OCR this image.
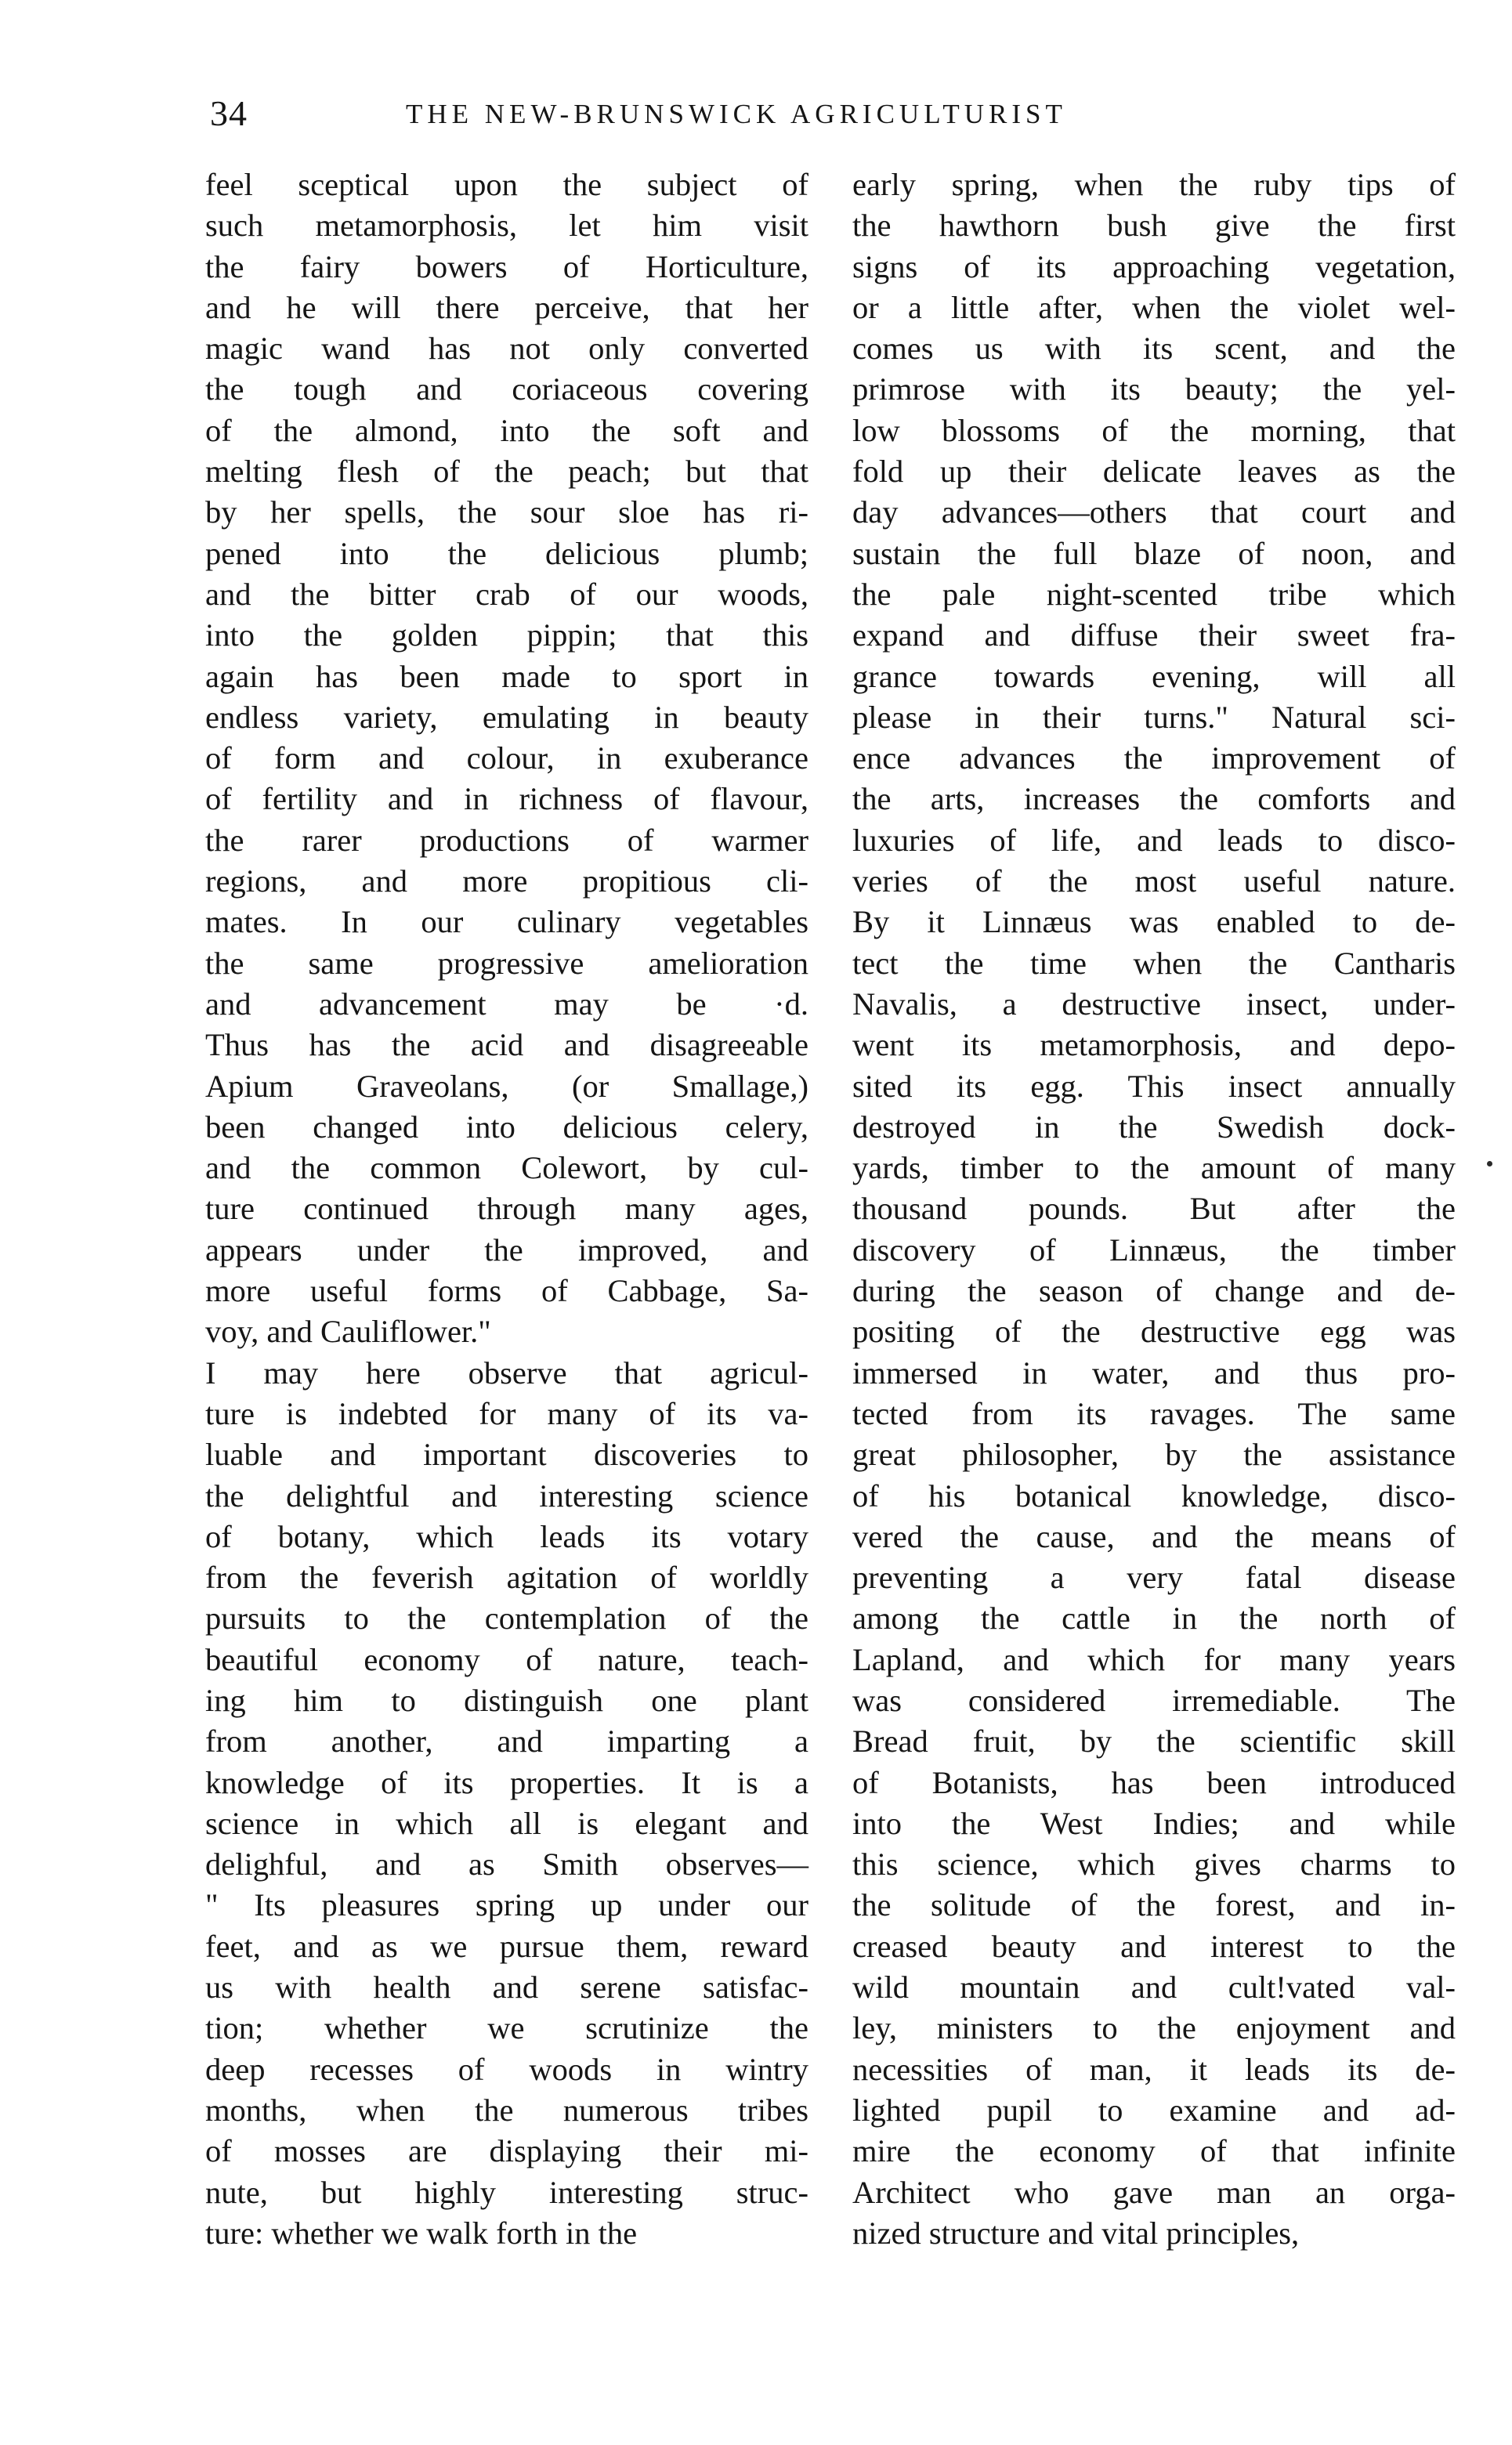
34	THE NEW-BRUNSWICK AGRICULTURIST
feel sceptical upon the subject of
such metamorphosis, let him visit
the fairy bowers of Horticulture,
and he will there perceive, that her
magic wand has not only converted
the tough and coriaceous covering
of the almond, into the soft and
melting flesh of the peach; but that
by her spells, the sour sloe has ri-
pened into the delicious plumb;
and the bitter crab of our woods,
into the golden pippin; that this
again has been made to sport in
endless variety, emulating in beauty
of form and colour, in exuberance
of fertility and in richness of flavour,
the rarer productions of warmer
regions, and more propitious cli-
mates. In our culinary vegetables
the same progressive amelioration
and advancement may be ·d.
Thus has the acid and disagreeable
Apium Graveolans, (or Smallage,)
been changed into delicious celery,
and the common Colewort, by cul-
ture continued through many ages,
appears under the improved, and
more useful forms of Cabbage, Sa-
voy, and Cauliflower."
I may here observe that agricul-
ture is indebted for many of its va-
luable and important discoveries to
the delightful and interesting science
of botany, which leads its votary
from the feverish agitation of worldly
pursuits to the contemplation of the
beautiful economy of nature, teach-
ing him to distinguish one plant
from another, and imparting a
knowledge of its properties. It is a
science in which all is elegant and
delighful, and as Smith observes—
" Its pleasures spring up under our
feet, and as we pursue them, reward
us with health and serene satisfac-
tion; whether we scrutinize the
deep recesses of woods in wintry
months, when the numerous tribes
of mosses are displaying their mi-
nute, but highly interesting struc-
ture: whether we walk forth in the
early spring, when the ruby tips of
the hawthorn bush give the first
signs of its approaching vegetation,
or a little after, when the violet wel-
comes us with its scent, and the
primrose with its beauty; the yel-
low blossoms of the morning, that
fold up their delicate leaves as the
day advances—others that court and
sustain the full blaze of noon, and
the pale night-scented tribe which
expand and diffuse their sweet fra-
grance towards evening, will all
please in their turns." Natural sci-
ence advances the improvement of
the arts, increases the comforts and
luxuries of life, and leads to disco-
veries of the most useful nature.
By it Linnæus was enabled to de-
tect the time when the Cantharis
Navalis, a destructive insect, under-
went its metamorphosis, and depo-
sited its egg. This insect annually
destroyed in the Swedish dock-
yards, timber to the amount of many
thousand pounds. But after the
discovery of Linnæus, the timber
during the season of change and de-
positing of the destructive egg was
immersed in water, and thus pro-
tected from its ravages. The same
great philosopher, by the assistance
of his botanical knowledge, disco-
vered the cause, and the means of
preventing a very fatal disease
among the cattle in the north of
Lapland, and which for many years
was considered irremediable. The
Bread fruit, by the scientific skill
of Botanists, has been introduced
into the West Indies; and while
this science, which gives charms to
the solitude of the forest, and in-
creased beauty and interest to the
wild mountain and cult!vated val-
ley, ministers to the enjoyment and
necessities of man, it leads its de-
lighted pupil to examine and ad-
mire the economy of that infinite
Architect who gave man an orga-
nized structure and vital principles,
